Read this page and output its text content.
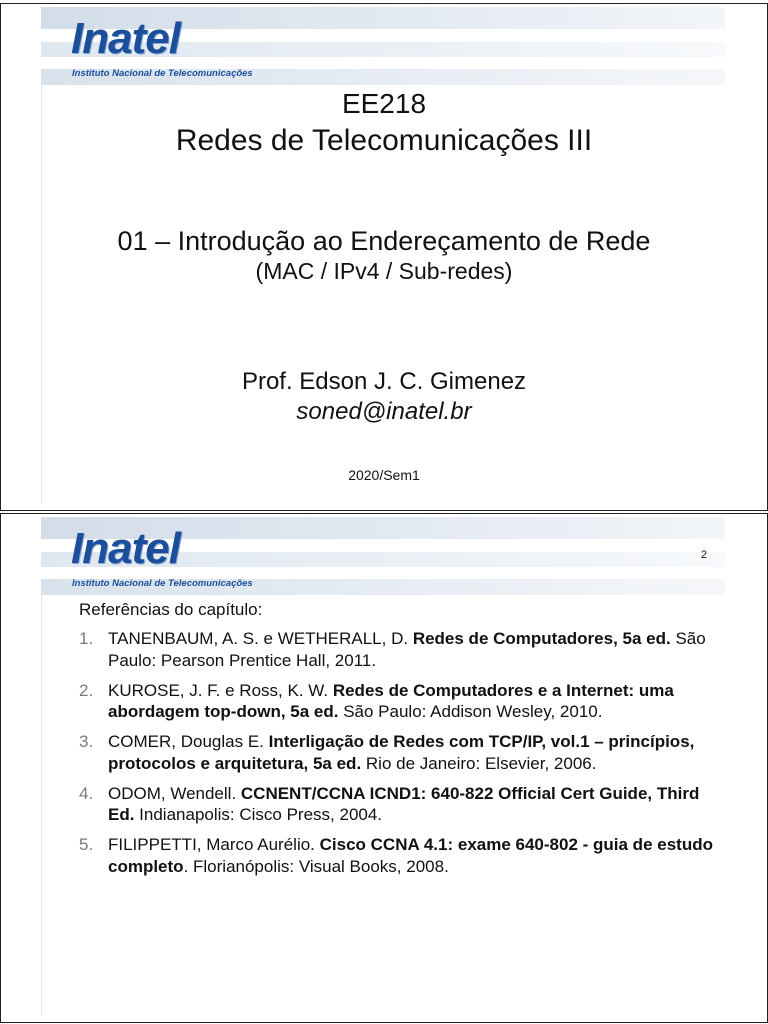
Inatel
Instituto Nacional de Telecomunicações
EE218
Redes de Telecomunicações III
01 – Introdução ao Endereçamento de Rede
(MAC / IPv4 / Sub-redes)
Prof. Edson J. C. Gimenez
soned@inatel.br
2020/Sem1
Inatel
Instituto Nacional de Telecomunicações
2
Referências do capítulo:
1. TANENBAUM, A. S. e WETHERALL, D. Redes de Computadores, 5a ed. São Paulo: Pearson Prentice Hall, 2011.
2. KUROSE, J. F. e Ross, K. W. Redes de Computadores e a Internet: uma abordagem top-down, 5a ed. São Paulo: Addison Wesley, 2010.
3. COMER, Douglas E. Interligação de Redes com TCP/IP, vol.1 – princípios, protocolos e arquitetura, 5a ed. Rio de Janeiro: Elsevier, 2006.
4. ODOM, Wendell. CCNENT/CCNA ICND1: 640-822 Official Cert Guide, Third Ed. Indianapolis: Cisco Press, 2004.
5. FILIPPETTI, Marco Aurélio. Cisco CCNA 4.1: exame 640-802 - guia de estudo completo. Florianópolis: Visual Books, 2008.
